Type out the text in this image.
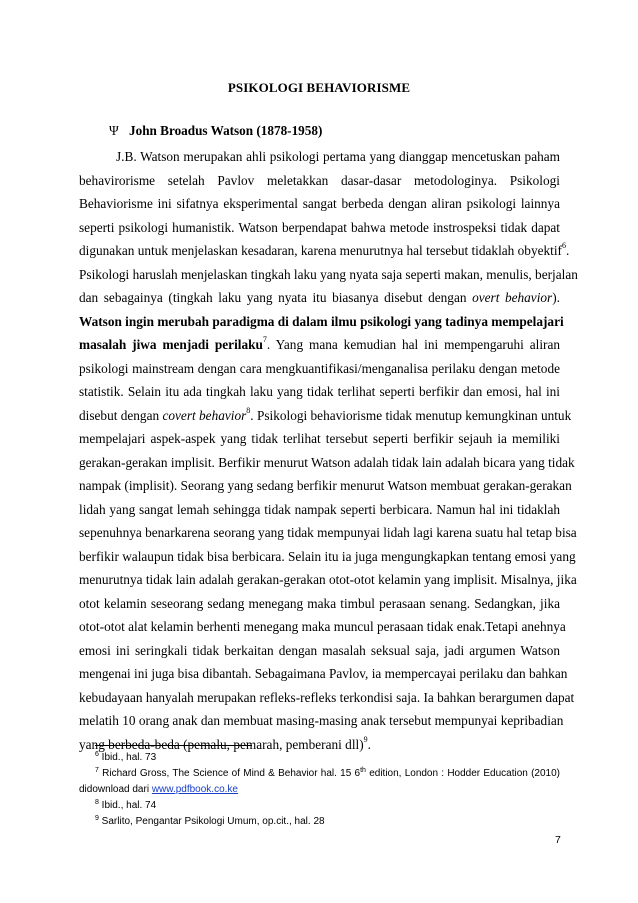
PSIKOLOGI BEHAVIORISME
Ψ John Broadus Watson (1878-1958)
J.B. Watson merupakan ahli psikologi pertama yang dianggap mencetuskan paham
behavirorisme setelah Pavlov meletakkan dasar-dasar metodologinya. Psikologi
Behaviorisme ini sifatnya eksperimental sangat berbeda dengan aliran psikologi lainnya
seperti psikologi humanistik. Watson berpendapat bahwa metode instrospeksi tidak dapat
digunakan untuk menjelaskan kesadaran, karena menurutnya hal tersebut tidaklah obyektif$^6$.
Psikologi haruslah menjelaskan tingkah laku yang nyata saja seperti makan, menulis, berjalan
dan sebagainya (tingkah laku yang nyata itu biasanya disebut dengan overt behavior).
Watson ingin merubah paradigma di dalam ilmu psikologi yang tadinya mempelajari
masalah jiwa menjadi perilaku$^7$. Yang mana kemudian hal ini mempengaruhi aliran
psikologi mainstream dengan cara mengkuantifikasi/menganalisa perilaku dengan metode
statistik. Selain itu ada tingkah laku yang tidak terlihat seperti berfikir dan emosi, hal ini
disebut dengan covert behavior$^8$. Psikologi behaviorisme tidak menutup kemungkinan untuk
mempelajari aspek-aspek yang tidak terlihat tersebut seperti berfikir sejauh ia memiliki
gerakan-gerakan implisit. Berfikir menurut Watson adalah tidak lain adalah bicara yang tidak
nampak (implisit). Seorang yang sedang berfikir menurut Watson membuat gerakan-gerakan
lidah yang sangat lemah sehingga tidak nampak seperti berbicara. Namun hal ini tidaklah
sepenuhnya benarkarena seorang yang tidak mempunyai lidah lagi karena suatu hal tetap bisa
berfikir walaupun tidak bisa berbicara. Selain itu ia juga mengungkapkan tentang emosi yang
menurutnya tidak lain adalah gerakan-gerakan otot-otot kelamin yang implisit. Misalnya, jika
otot kelamin seseorang sedang menegang maka timbul perasaan senang. Sedangkan, jika
otot-otot alat kelamin berhenti menegang maka muncul perasaan tidak enak.Tetapi anehnya
emosi ini seringkali tidak berkaitan dengan masalah seksual saja, jadi argumen Watson
mengenai ini juga bisa dibantah. Sebagaimana Pavlov, ia mempercayai perilaku dan bahkan
kebudayaan hanyalah merupakan refleks-refleks terkondisi saja. Ia bahkan berargumen dapat
melatih 10 orang anak dan membuat masing-masing anak tersebut mempunyai kepribadian
yang berbeda-beda (pemalu, pemarah, pemberani dll)$^9$.
$^6$ Ibid., hal. 73
$^7$ Richard Gross, The Science of Mind & Behavior hal. 15 6th edition, London : Hodder Education (2010)
didownload dari www.pdfbook.co.ke
$^8$ Ibid., hal. 74
$^9$ Sarlito, Pengantar Psikologi Umum, op.cit., hal. 28
7
